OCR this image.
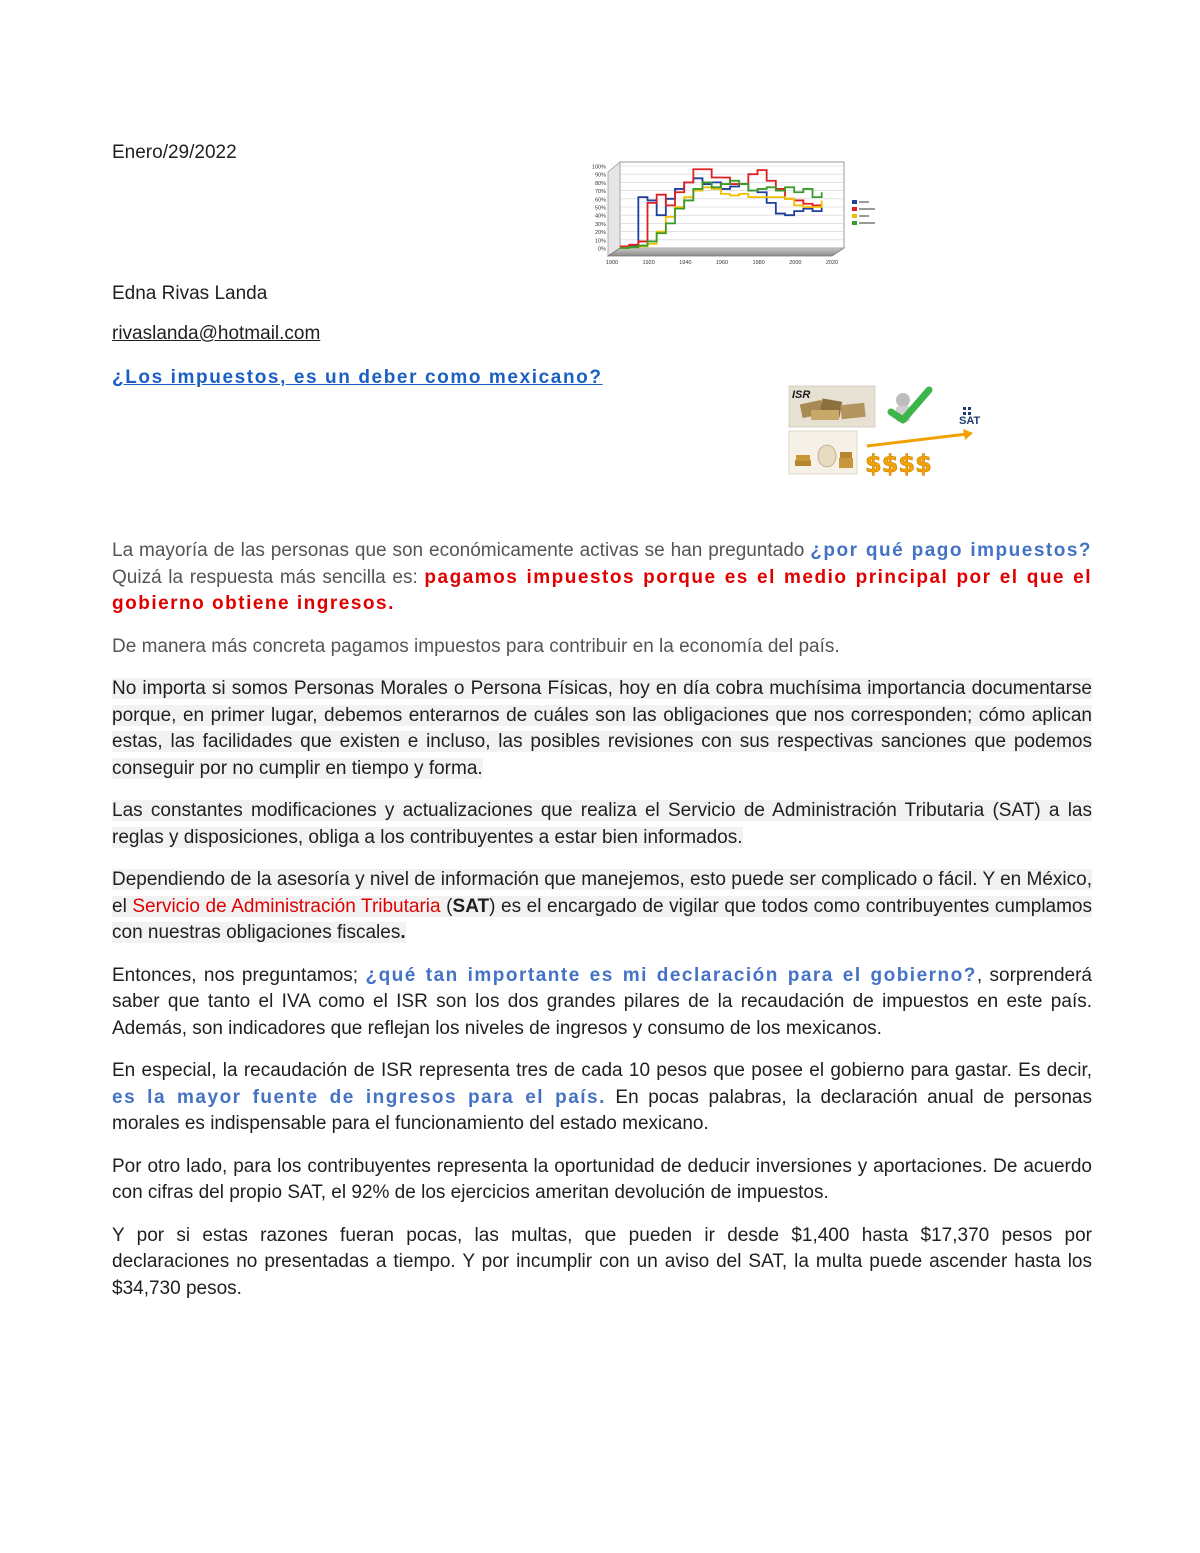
Enero/29/2022
0%
10%
20%
30%
40%
50%
60%
70%
80%
90%
100%
1900	1920	1940	1960	1980	2000	2020
Edna Rivas Landa
rivaslanda@hotmail.com
¿Los impuestos, es un deber como mexicano?
ISR
SAT
$$$$

La mayoría de las personas que son económicamente activas se han preguntado ¿por qué pago impuestos? Quizá la respuesta más sencilla es: pagamos impuestos porque es el medio principal por el que el gobierno obtiene ingresos.

De manera más concreta pagamos impuestos para contribuir en la economía del país.

No importa si somos Personas Morales o Persona Físicas, hoy en día cobra muchísima importancia documentarse porque, en primer lugar, debemos enterarnos de cuáles son las obligaciones que nos corresponden; cómo aplican estas, las facilidades que existen e incluso, las posibles revisiones con sus respectivas sanciones que podemos conseguir por no cumplir en tiempo y forma.

Las constantes modificaciones y actualizaciones que realiza el Servicio de Administración Tributaria (SAT) a las reglas y disposiciones, obliga a los contribuyentes a estar bien informados.

Dependiendo de la asesoría y nivel de información que manejemos, esto puede ser complicado o fácil. Y en México, el Servicio de Administración Tributaria (SAT) es el encargado de vigilar que todos como contribuyentes cumplamos con nuestras obligaciones fiscales.

Entonces, nos preguntamos; ¿qué tan importante es mi declaración para el gobierno?, sorprenderá saber que tanto el IVA como el ISR son los dos grandes pilares de la recaudación de impuestos en este país. Además, son indicadores que reflejan los niveles de ingresos y consumo de los mexicanos.

En especial, la recaudación de ISR representa tres de cada 10 pesos que posee el gobierno para gastar. Es decir, es la mayor fuente de ingresos para el país. En pocas palabras, la declaración anual de personas morales es indispensable para el funcionamiento del estado mexicano.

Por otro lado, para los contribuyentes representa la oportunidad de deducir inversiones y aportaciones. De acuerdo con cifras del propio SAT, el 92% de los ejercicios ameritan devolución de impuestos.

Y por si estas razones fueran pocas, las multas, que pueden ir desde $1,400 hasta $17,370 pesos por declaraciones no presentadas a tiempo. Y por incumplir con un aviso del SAT, la multa puede ascender hasta los $34,730 pesos.
